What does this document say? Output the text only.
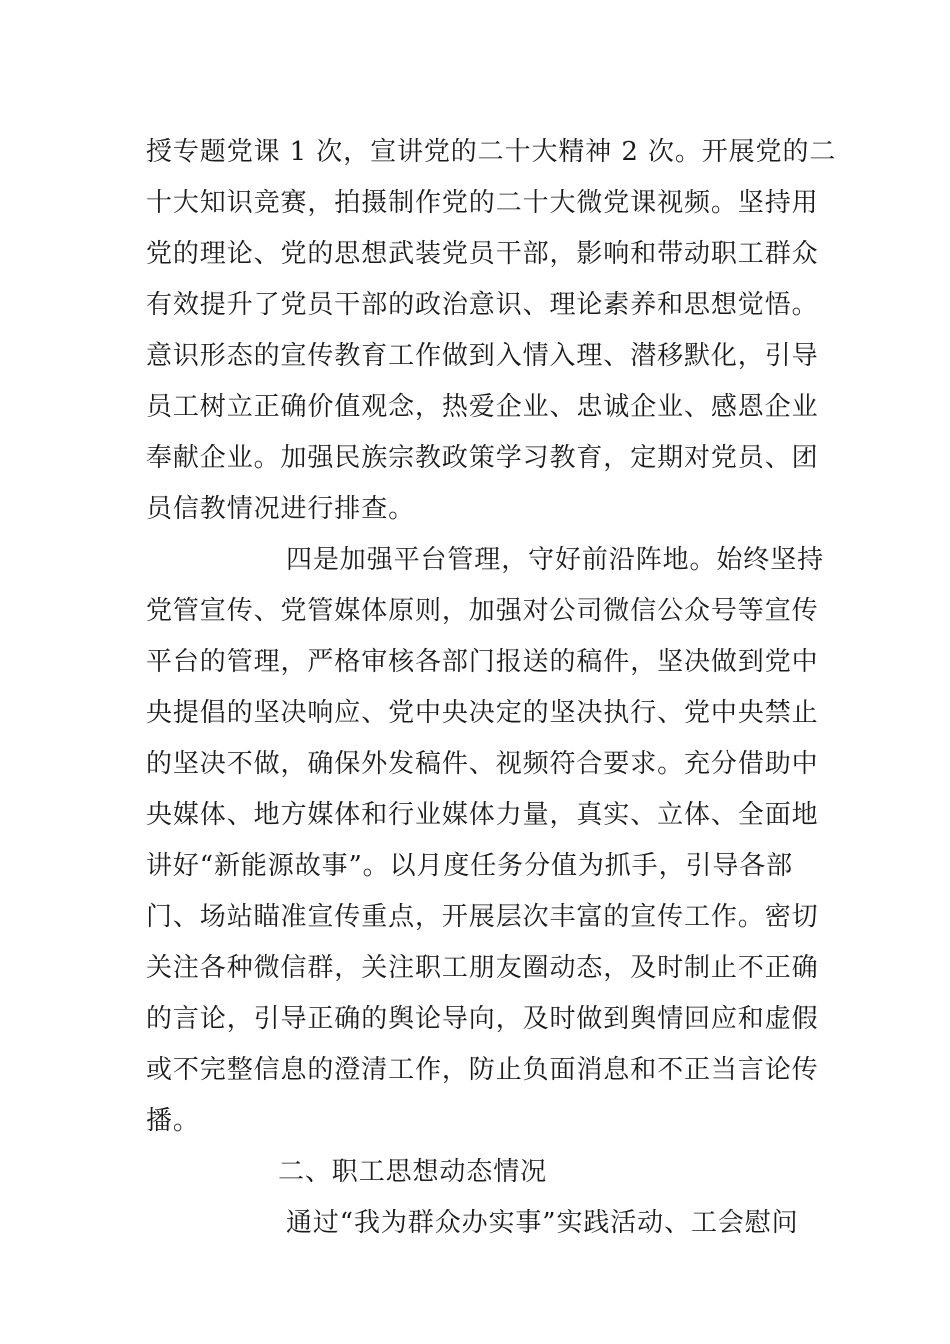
授专题党课 1 次，宣讲党的二十大精神 2 次。开展党的二
十大知识竞赛，拍摄制作党的二十大微党课视频。坚持用
党的理论、党的思想武装党员干部，影响和带动职工群众
有效提升了党员干部的政治意识、理论素养和思想觉悟。
意识形态的宣传教育工作做到入情入理、潜移默化，引导
员工树立正确价值观念，热爱企业、忠诚企业、感恩企业
奉献企业。加强民族宗教政策学习教育，定期对党员、团
员信教情况进行排查。
四是加强平台管理，守好前沿阵地。始终坚持
党管宣传、党管媒体原则，加强对公司微信公众号等宣传
平台的管理，严格审核各部门报送的稿件，坚决做到党中
央提倡的坚决响应、党中央决定的坚决执行、党中央禁止
的坚决不做，确保外发稿件、视频符合要求。充分借助中
央媒体、地方媒体和行业媒体力量，真实、立体、全面地
讲好“新能源故事”。以月度任务分值为抓手，引导各部
门、场站瞄准宣传重点，开展层次丰富的宣传工作。密切
关注各种微信群，关注职工朋友圈动态，及时制止不正确
的言论，引导正确的舆论导向，及时做到舆情回应和虚假
或不完整信息的澄清工作，防止负面消息和不正当言论传
播。
二、职工思想动态情况
通过“我为群众办实事”实践活动、工会慰问
